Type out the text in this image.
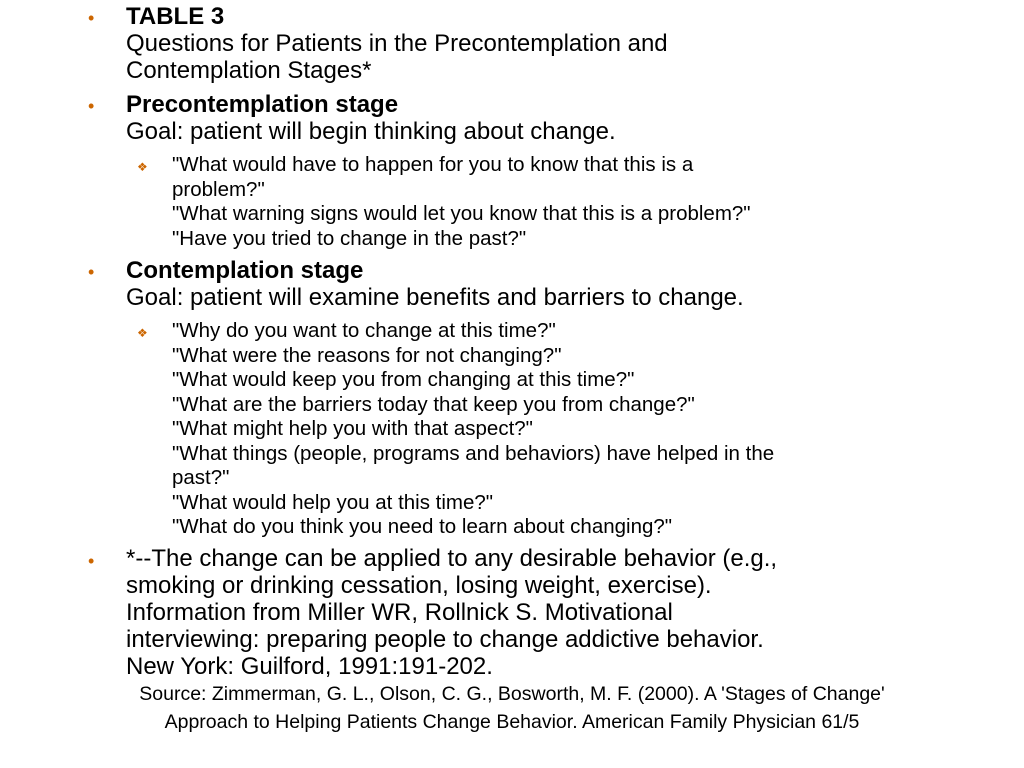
•	TABLE 3
Questions for Patients in the Precontemplation and
Contemplation Stages*
•	Precontemplation stage
Goal: patient will begin thinking about change.
❖ "What would have to happen for you to know that this is a
problem?"
"What warning signs would let you know that this is a problem?"
"Have you tried to change in the past?"
•	Contemplation stage
Goal: patient will examine benefits and barriers to change.
❖ "Why do you want to change at this time?"
"What were the reasons for not changing?"
"What would keep you from changing at this time?"
"What are the barriers today that keep you from change?"
"What might help you with that aspect?"
"What things (people, programs and behaviors) have helped in the
past?"
"What would help you at this time?"
"What do you think you need to learn about changing?"
•	*--The change can be applied to any desirable behavior (e.g.,
smoking or drinking cessation, losing weight, exercise).
Information from Miller WR, Rollnick S. Motivational
interviewing: preparing people to change addictive behavior.
New York: Guilford, 1991:191-202.
Source: Zimmerman, G. L., Olson, C. G., Bosworth, M. F. (2000). A 'Stages of Change'
Approach to Helping Patients Change Behavior. American Family Physician 61/5
